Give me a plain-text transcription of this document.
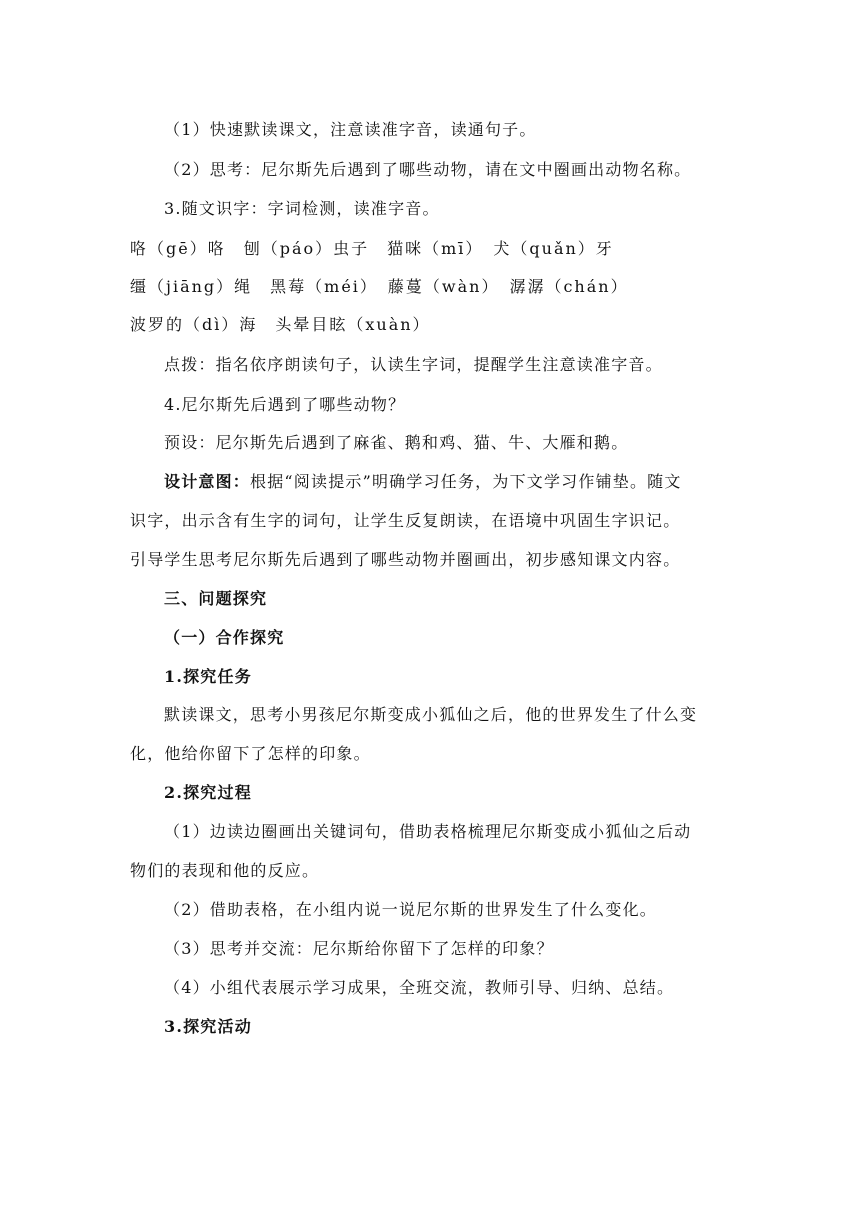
（1）快速默读课文，注意读准字音，读通句子。
（2）思考：尼尔斯先后遇到了哪些动物，请在文中圈画出动物名称。
3.随文识字：字词检测，读准字音。
咯（gē）咯　刨（páo）虫子　猫咪（mī）　犬（quǎn）牙
缰（jiāng）绳　黑莓（méi）　藤蔓（wàn）　潺潺（chán）
波罗的（dì）海　头晕目眩（xuàn）
点拨：指名依序朗读句子，认读生字词，提醒学生注意读准字音。
4.尼尔斯先后遇到了哪些动物？
预设：尼尔斯先后遇到了麻雀、鹅和鸡、猫、牛、大雁和鹅。
设计意图：根据“阅读提示”明确学习任务，为下文学习作铺垫。随文
识字，出示含有生字的词句，让学生反复朗读，在语境中巩固生字识记。
引导学生思考尼尔斯先后遇到了哪些动物并圈画出，初步感知课文内容。
三、问题探究
（一）合作探究
1.探究任务
默读课文，思考小男孩尼尔斯变成小狐仙之后，他的世界发生了什么变
化，他给你留下了怎样的印象。
2.探究过程
（1）边读边圈画出关键词句，借助表格梳理尼尔斯变成小狐仙之后动
物们的表现和他的反应。
（2）借助表格，在小组内说一说尼尔斯的世界发生了什么变化。
（3）思考并交流：尼尔斯给你留下了怎样的印象？
（4）小组代表展示学习成果，全班交流，教师引导、归纳、总结。
3.探究活动
